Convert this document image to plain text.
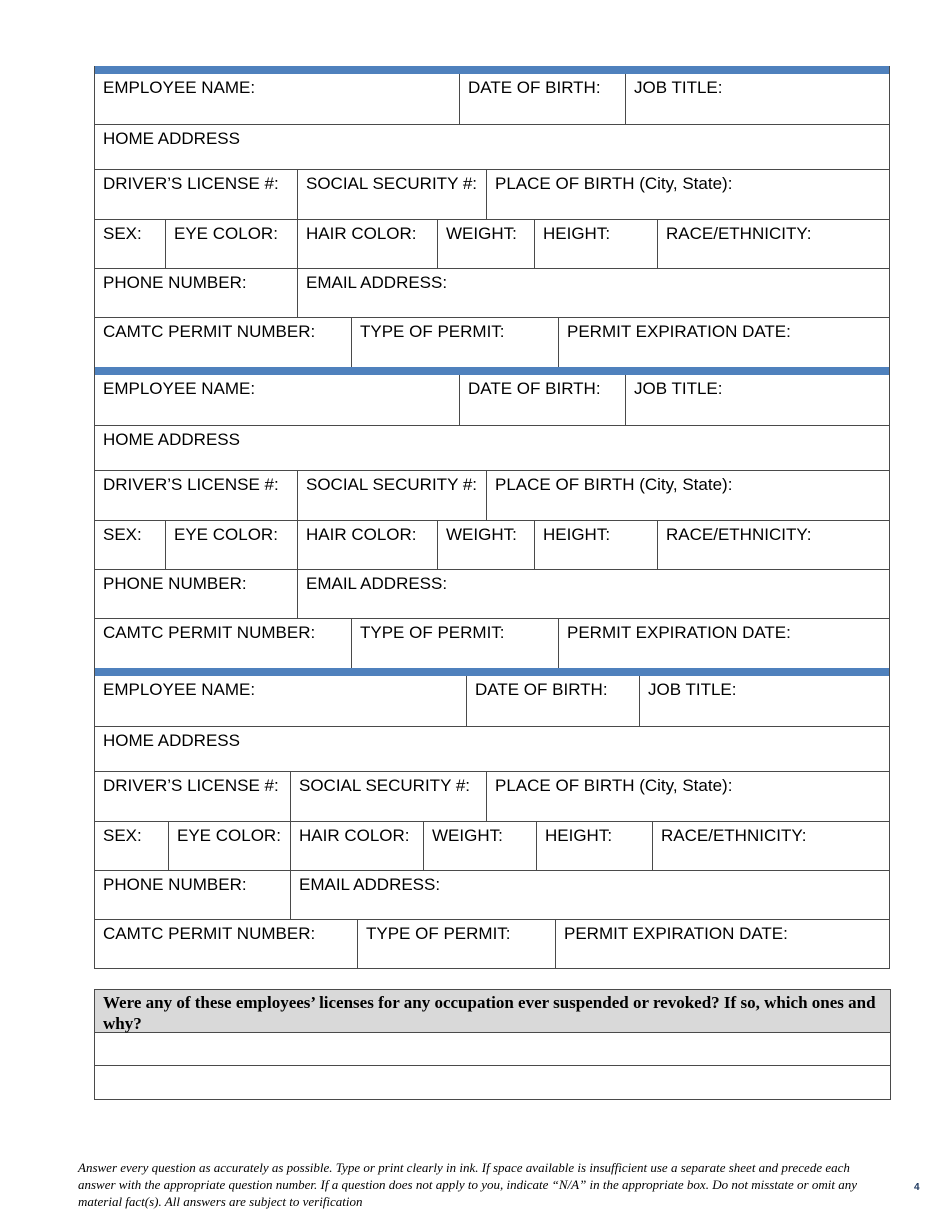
EMPLOYEE NAME:	DATE OF BIRTH:	JOB TITLE:
HOME ADDRESS
DRIVER’S LICENSE #:	SOCIAL SECURITY #:	PLACE OF BIRTH (City, State):
SEX:	EYE COLOR:	HAIR COLOR:	WEIGHT:	HEIGHT:	RACE/ETHNICITY:
PHONE NUMBER:	EMAIL ADDRESS:
CAMTC PERMIT NUMBER:	TYPE OF PERMIT:	PERMIT EXPIRATION DATE:
EMPLOYEE NAME:	DATE OF BIRTH:	JOB TITLE:
HOME ADDRESS
DRIVER’S LICENSE #:	SOCIAL SECURITY #:	PLACE OF BIRTH (City, State):
SEX:	EYE COLOR:	HAIR COLOR:	WEIGHT:	HEIGHT:	RACE/ETHNICITY:
PHONE NUMBER:	EMAIL ADDRESS:
CAMTC PERMIT NUMBER:	TYPE OF PERMIT:	PERMIT EXPIRATION DATE:
EMPLOYEE NAME:	DATE OF BIRTH:	JOB TITLE:
HOME ADDRESS
DRIVER’S LICENSE #:	SOCIAL SECURITY #:	PLACE OF BIRTH (City, State):
SEX:	EYE COLOR:	HAIR COLOR:	WEIGHT:	HEIGHT:	RACE/ETHNICITY:
PHONE NUMBER:	EMAIL ADDRESS:
CAMTC PERMIT NUMBER:	TYPE OF PERMIT:	PERMIT EXPIRATION DATE:
Were any of these employees’ licenses for any occupation ever suspended or revoked? If so, which ones and why?
Answer every question as accurately as possible. Type or print clearly in ink. If space available is insufficient use a separate sheet and precede each answer with the appropriate question number. If a question does not apply to you, indicate “N/A” in the appropriate box. Do not misstate or omit any material fact(s). All answers are subject to verification
4
